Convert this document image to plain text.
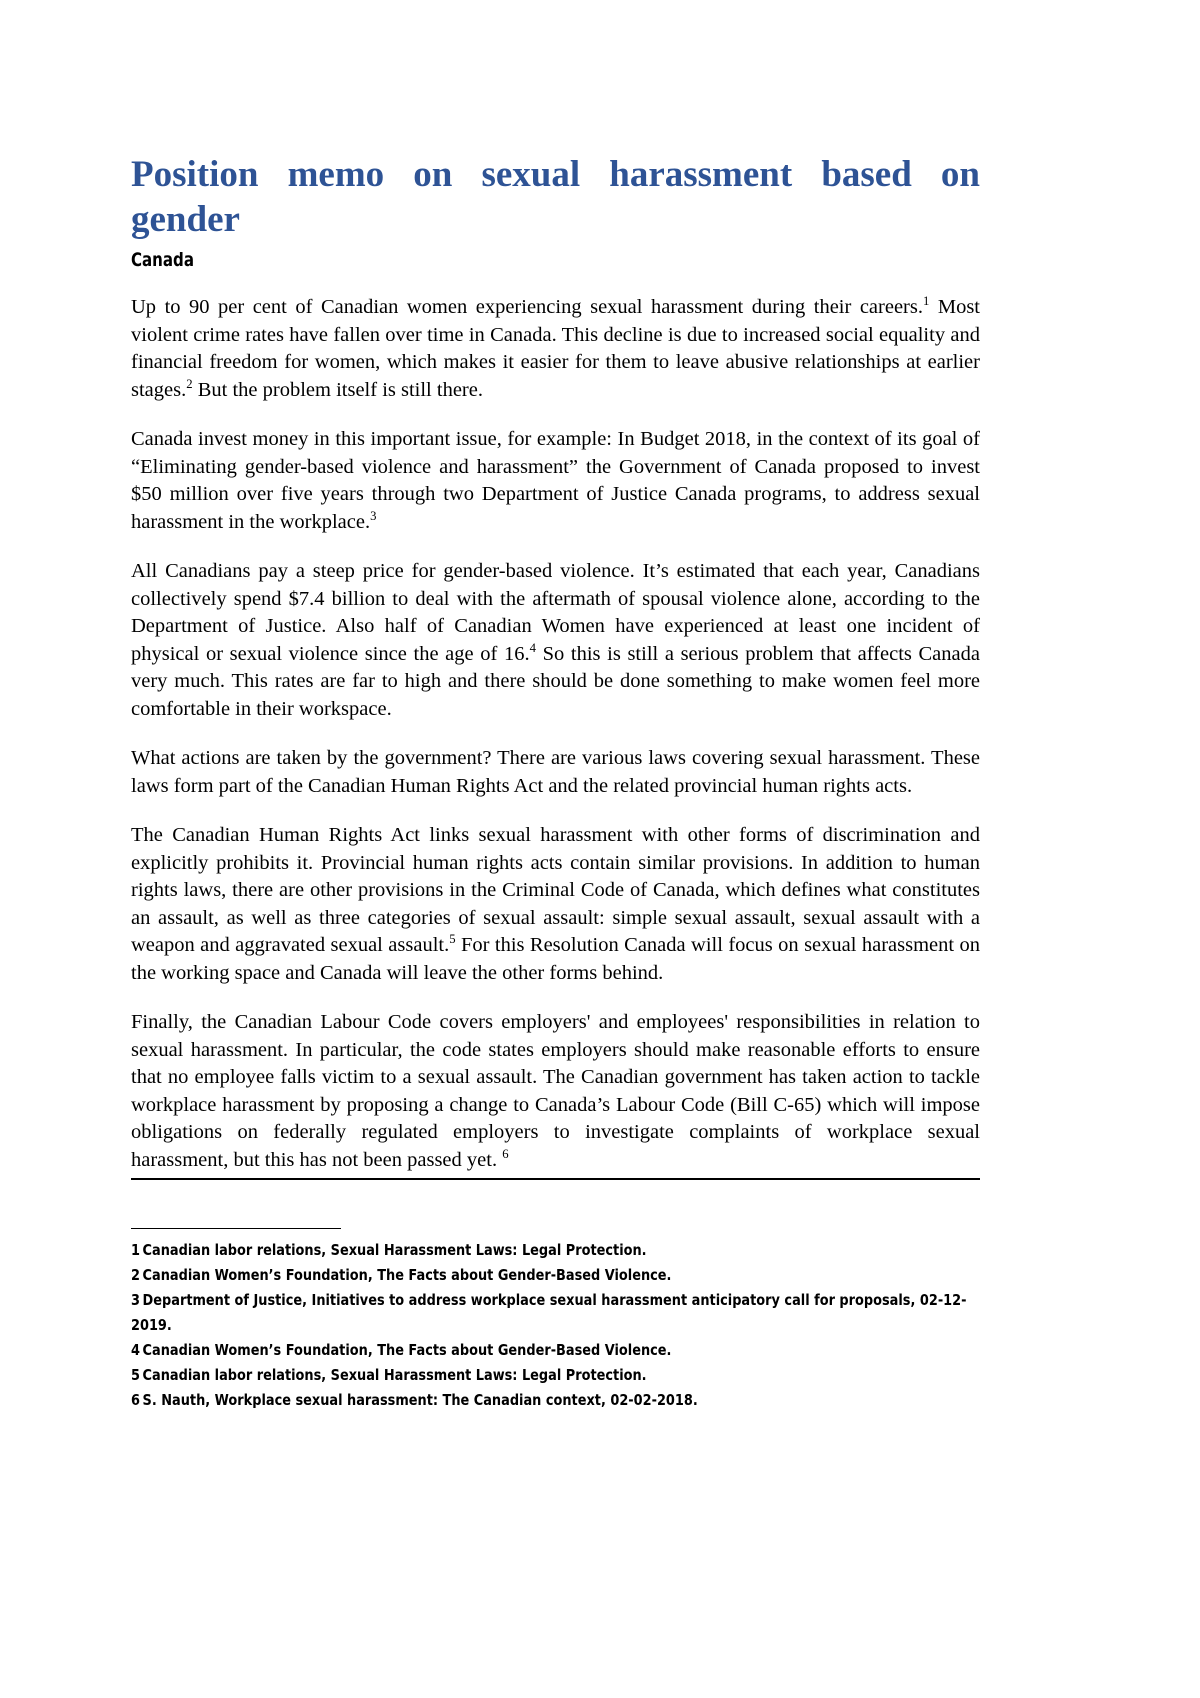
Position memo on sexual harassment based on
gender
Canada

Up to 90 per cent of Canadian women experiencing sexual harassment during their careers.$^1$ Most violent crime rates have fallen over time in Canada. This decline is due to increased social equality and financial freedom for women, which makes it easier for them to leave abusive relationships at earlier stages.$^2$ But the problem itself is still there.

Canada invest money in this important issue, for example: In Budget 2018, in the context of its goal of “Eliminating gender-based violence and harassment” the Government of Canada proposed to invest $50 million over five years through two Department of Justice Canada programs, to address sexual harassment in the workplace.$^3$

All Canadians pay a steep price for gender-based violence. It’s estimated that each year, Canadians collectively spend $7.4 billion to deal with the aftermath of spousal violence alone, according to the Department of Justice. Also half of Canadian Women have experienced at least one incident of physical or sexual violence since the age of 16.$^4$ So this is still a serious problem that affects Canada very much. This rates are far to high and there should be done something to make women feel more comfortable in their workspace.

What actions are taken by the government? There are various laws covering sexual harassment. These laws form part of the Canadian Human Rights Act and the related provincial human rights acts.

The Canadian Human Rights Act links sexual harassment with other forms of discrimination and explicitly prohibits it. Provincial human rights acts contain similar provisions. In addition to human rights laws, there are other provisions in the Criminal Code of Canada, which defines what constitutes an assault, as well as three categories of sexual assault: simple sexual assault, sexual assault with a weapon and aggravated sexual assault.$^5$ For this Resolution Canada will focus on sexual harassment on the working space and Canada will leave the other forms behind.

Finally, the Canadian Labour Code covers employers' and employees' responsibilities in relation to sexual harassment. In particular, the code states employers should make reasonable efforts to ensure that no employee falls victim to a sexual assault. The Canadian government has taken action to tackle workplace harassment by proposing a change to Canada’s Labour Code (Bill C-65) which will impose obligations on federally regulated employers to investigate complaints of workplace sexual harassment, but this has not been passed yet. $^6$

1 Canadian labor relations, Sexual Harassment Laws: Legal Protection.
2 Canadian Women’s Foundation, The Facts about Gender-Based Violence.
3 Department of Justice, Initiatives to address workplace sexual harassment anticipatory call for proposals, 02-12-2019.
4 Canadian Women’s Foundation, The Facts about Gender-Based Violence.
5 Canadian labor relations, Sexual Harassment Laws: Legal Protection.
6 S. Nauth, Workplace sexual harassment: The Canadian context, 02-02-2018.
